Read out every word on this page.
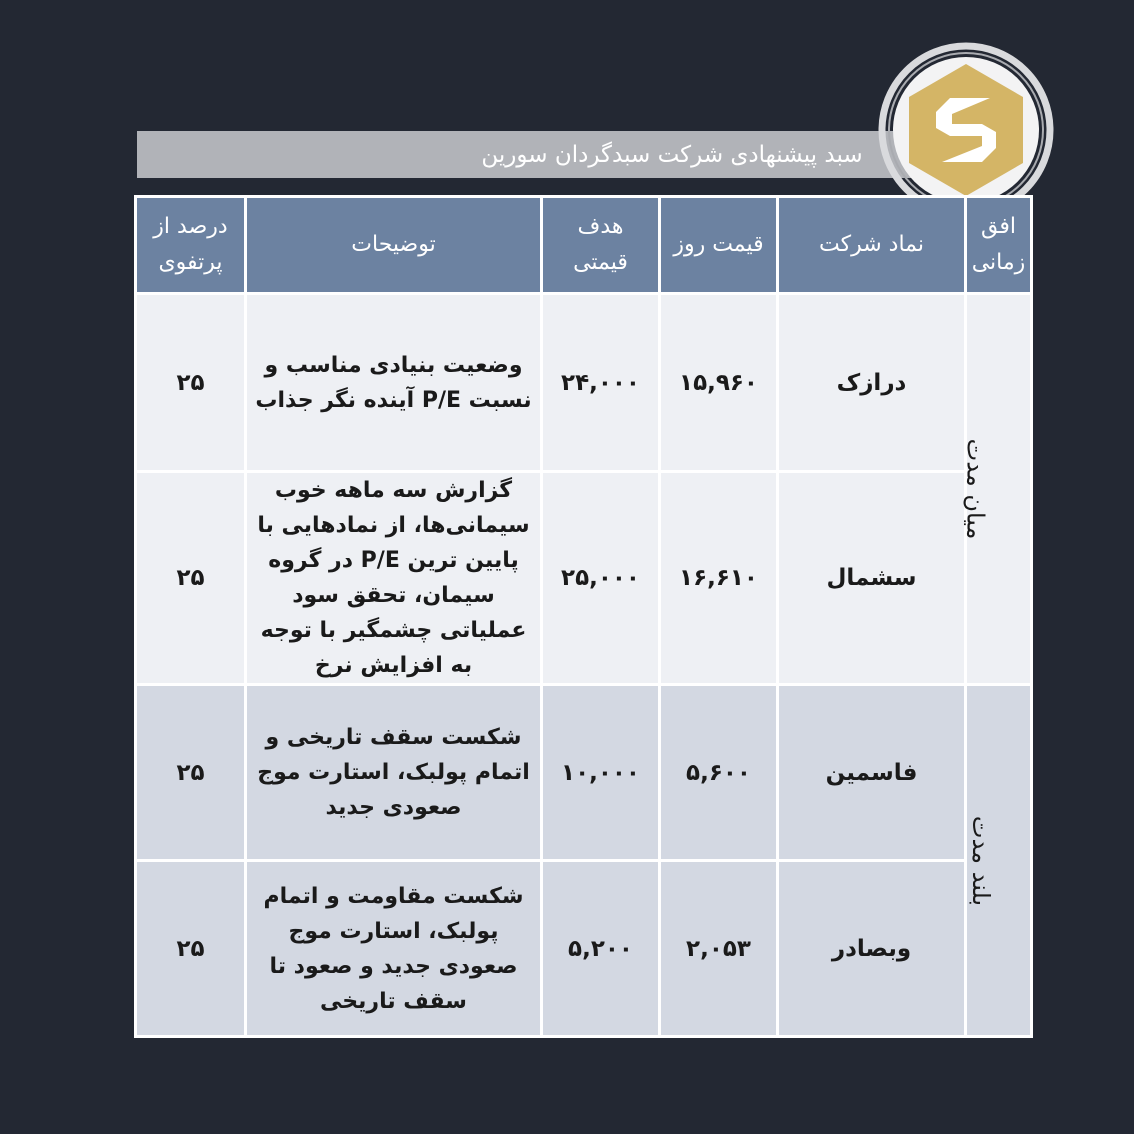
سبد پیشنهادی شرکت سبدگردان سورین
افق زمانی	نماد شرکت	قیمت روز	هدف قیمتی	توضیحات	درصد از پرتفوی
میان مدت	درازک	۱۵,۹۶۰	۲۴,۰۰۰	وضعیت بنیادی مناسب و نسبت P/E آینده نگر جذاب	۲۵
	سشمال	۱۶,۶۱۰	۲۵,۰۰۰	گزارش سه ماهه خوب سیمانی‌ها، از نمادهایی با پایین ترین P/E در گروه سیمان، تحقق سود عملیاتی چشمگیر با توجه به افزایش نرخ	۲۵
بلند مدت	فاسمین	۵,۶۰۰	۱۰,۰۰۰	شکست سقف تاریخی و اتمام پولبک، استارت موج صعودی جدید	۲۵
	وبصادر	۲,۰۵۳	۵,۲۰۰	شکست مقاومت و اتمام پولبک، استارت موج صعودی جدید و صعود تا سقف تاریخی	۲۵
